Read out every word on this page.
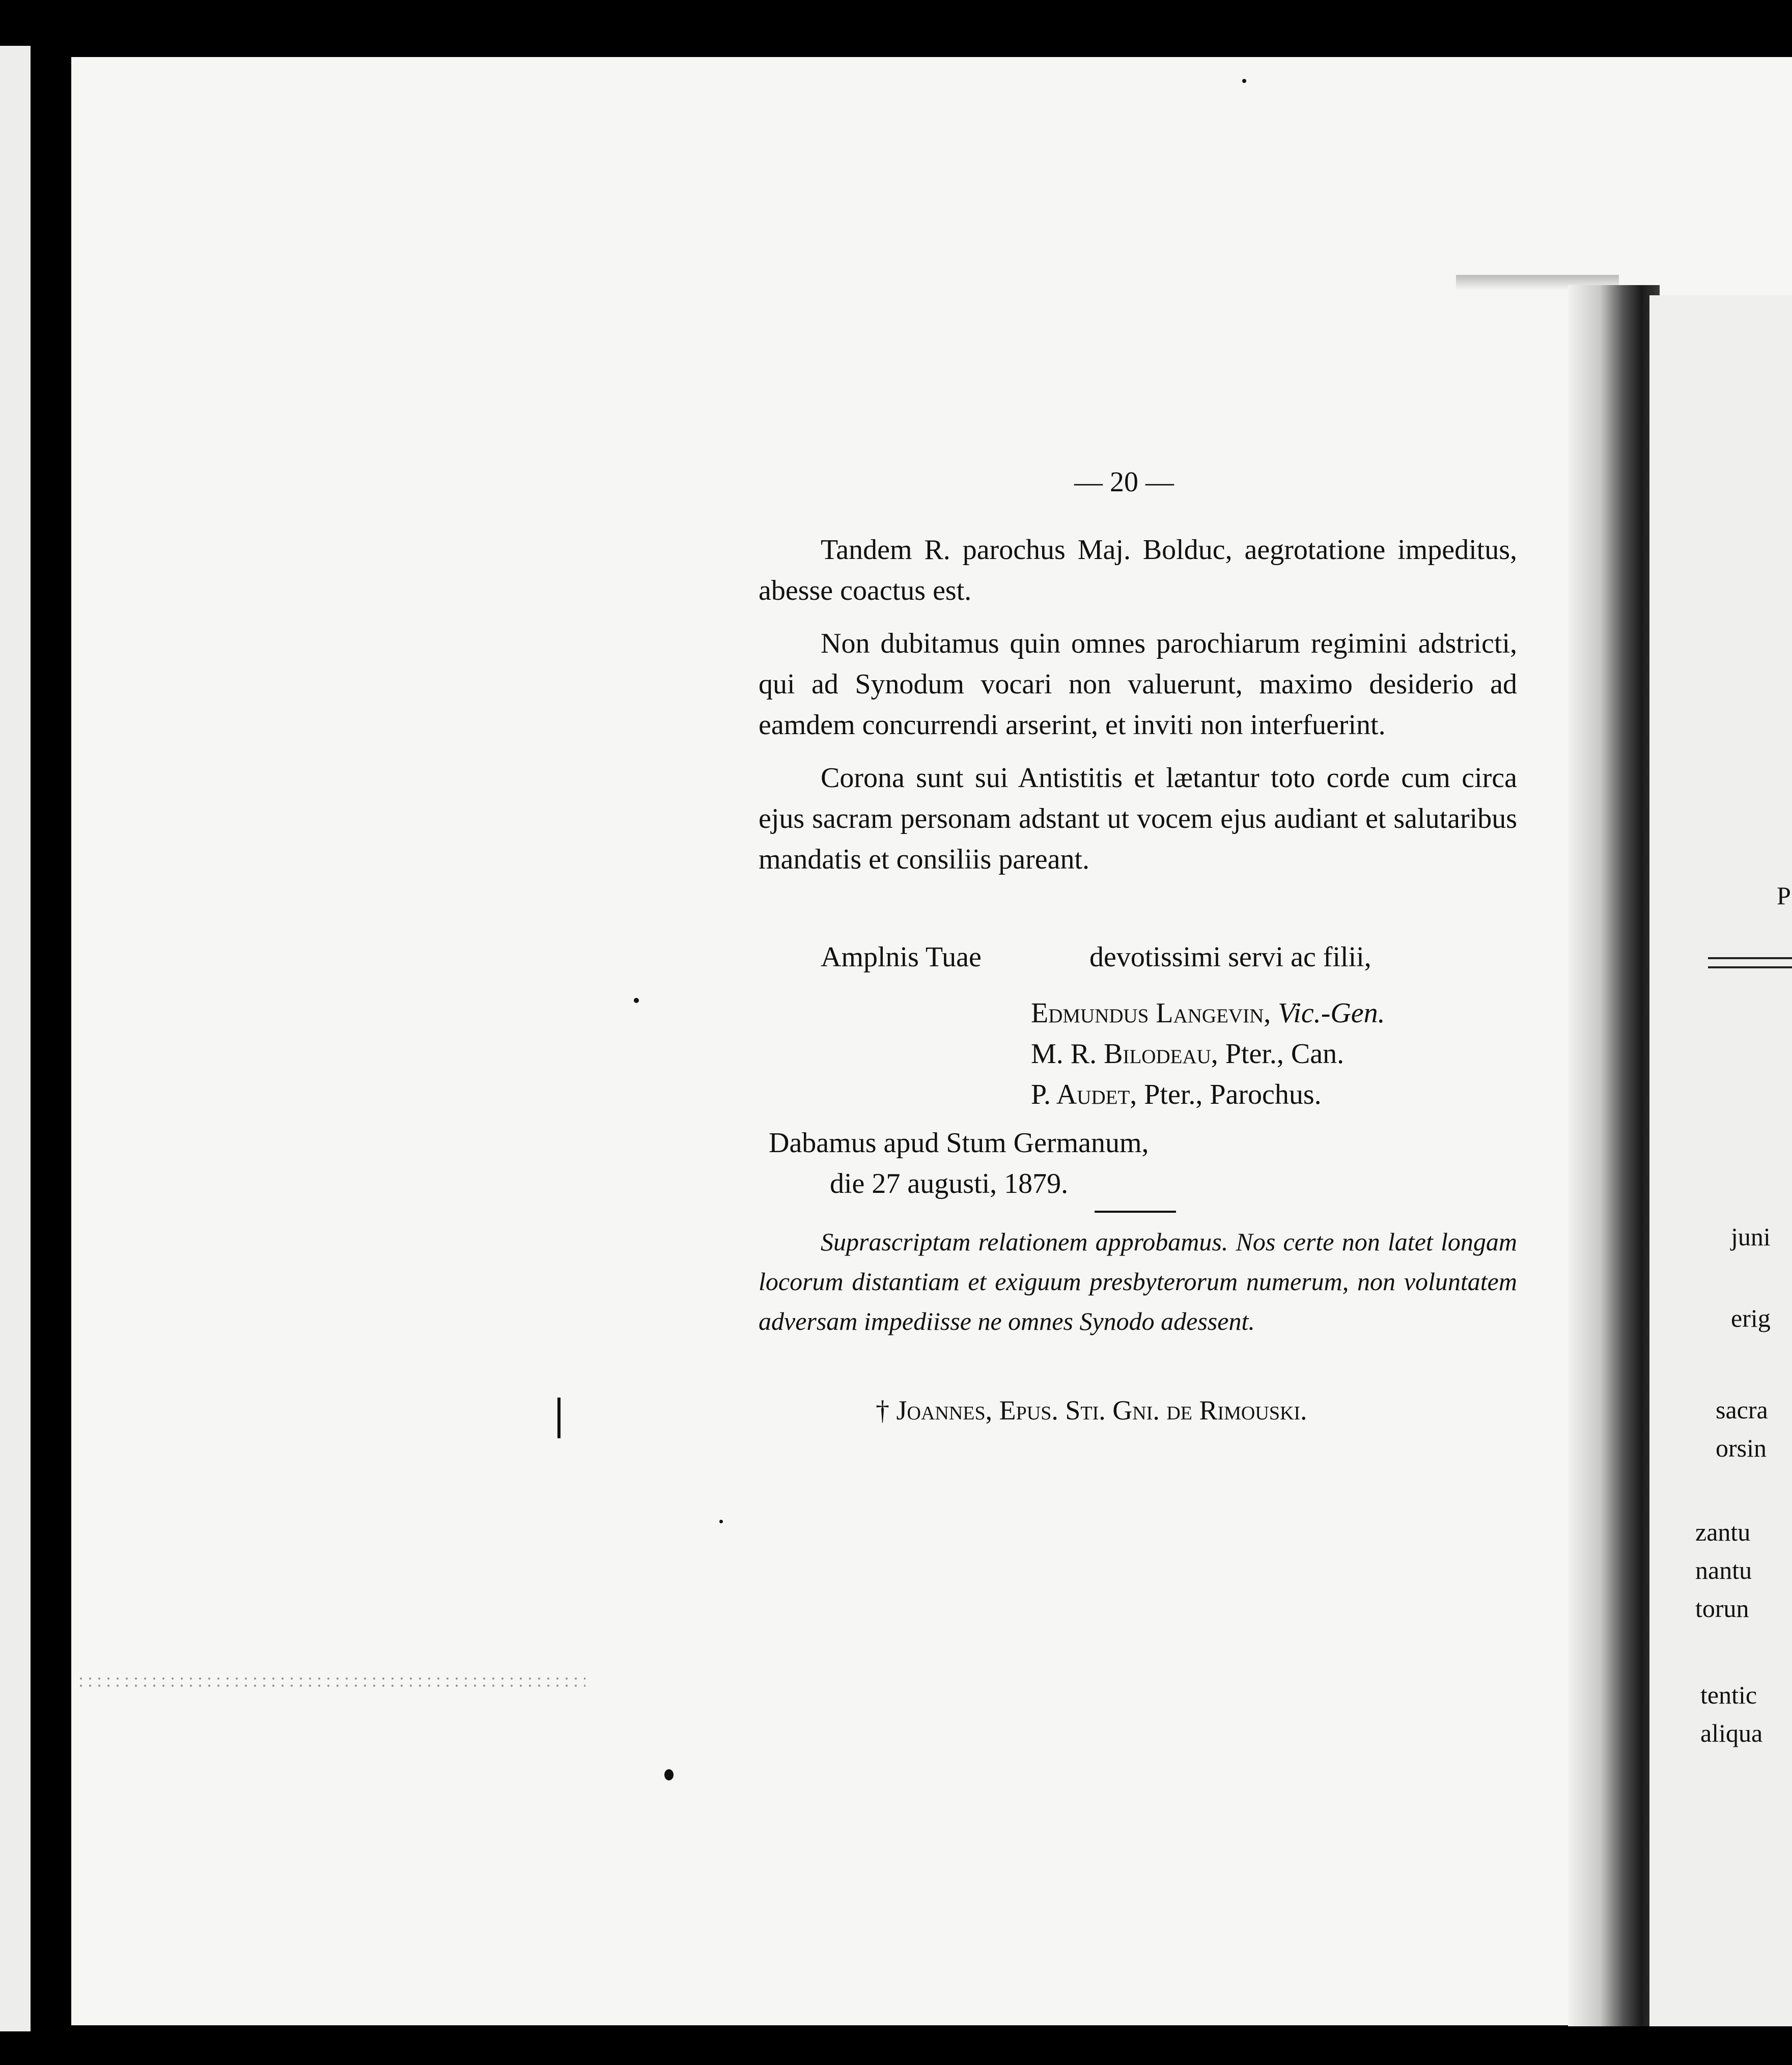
P
juni
erig
sacra
orsin
zantu
nantu
torun
tentic
aliqua
— 20 —

Tandem R. parochus Maj. Bolduc, aegrotatione impeditus, abesse coactus est.

Non dubitamus quin omnes parochiarum regimini adstricti, qui ad Synodum vocari non valuerunt, maximo desiderio ad eamdem concurrendi arserint, et inviti non interfuerint.

Corona sunt sui Antistitis et lætantur toto corde cum circa ejus sacram personam adstant ut vocem ejus audiant et salutaribus mandatis et consiliis pareant.

Amplnis Tuae	devotissimi servi ac filii,
Edmundus Langevin, Vic.-Gen.
M. R. Bilodeau, Pter., Can.
P. Audet, Pter., Parochus.
Dabamus apud Stum Germanum,
die 27 augusti, 1879.

Suprascriptam relationem approbamus. Nos certe non latet longam locorum distantiam et exiguum presbyterorum numerum, non voluntatem adversam impediisse ne omnes Synodo adessent.

† Joannes, Epus. Sti. Gni. de Rimouski.
